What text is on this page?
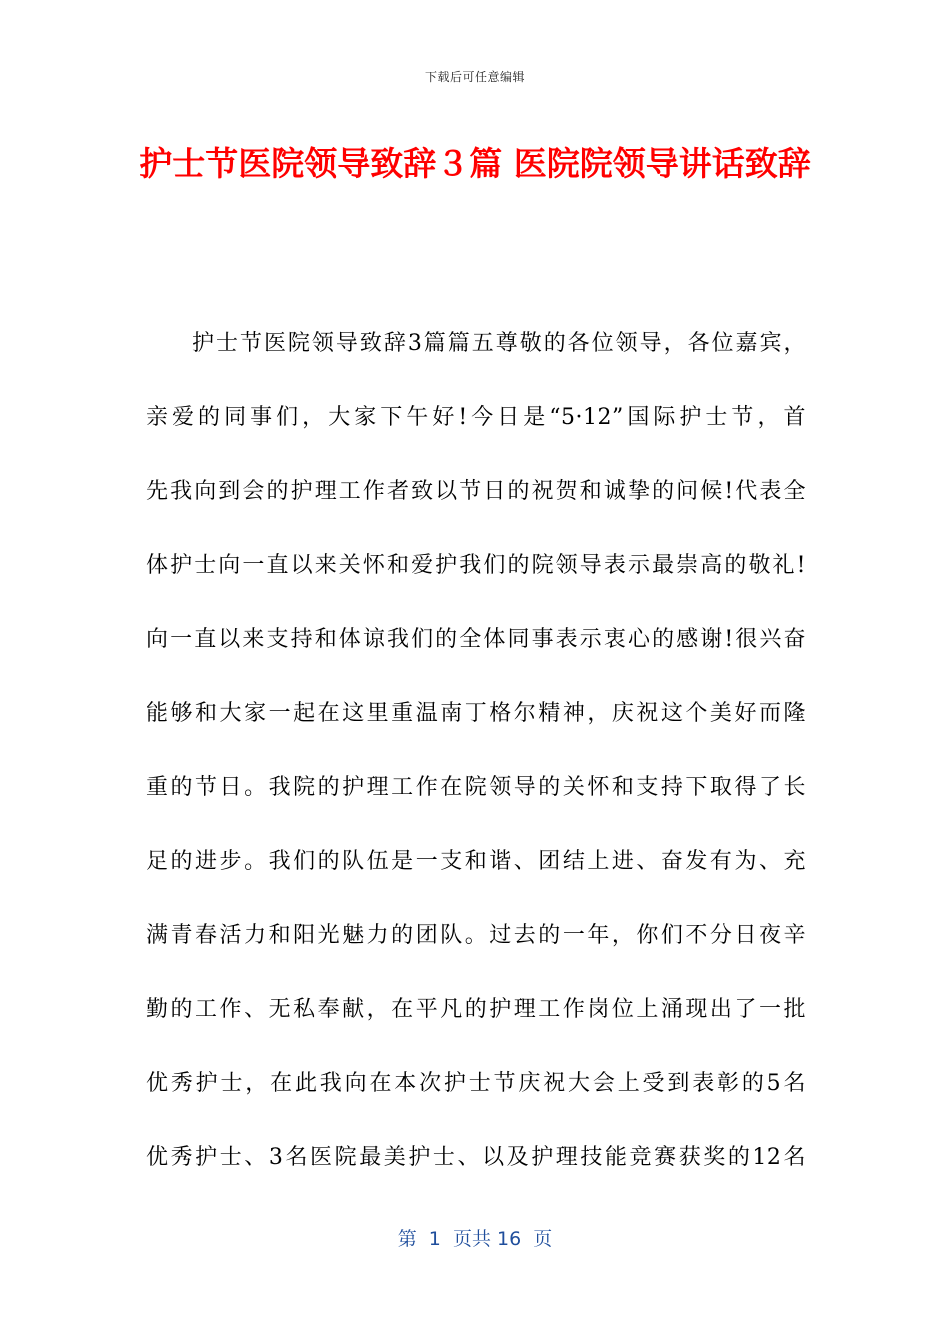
下载后可任意编辑
护士节医院领导致辞３篇 医院院领导讲话致辞
护士节医院领导致辞3篇篇五尊敬的各位领导，各位嘉宾，
亲爱的同事们，大家下午好!今日是“5·12”国际护士节，首
先我向到会的护理工作者致以节日的祝贺和诚挚的问候!代表全
体护士向一直以来关怀和爱护我们的院领导表示最崇高的敬礼!
向一直以来支持和体谅我们的全体同事表示衷心的感谢!很兴奋
能够和大家一起在这里重温南丁格尔精神，庆祝这个美好而隆
重的节日。我院的护理工作在院领导的关怀和支持下取得了长
足的进步。我们的队伍是一支和谐、团结上进、奋发有为、充
满青春活力和阳光魅力的团队。过去的一年，你们不分日夜辛
勤的工作、无私奉献，在平凡的护理工作岗位上涌现出了一批
优秀护士，在此我向在本次护士节庆祝大会上受到表彰的5名
优秀护士、3名医院最美护士、以及护理技能竞赛获奖的12名
第  1  页共 16  页
